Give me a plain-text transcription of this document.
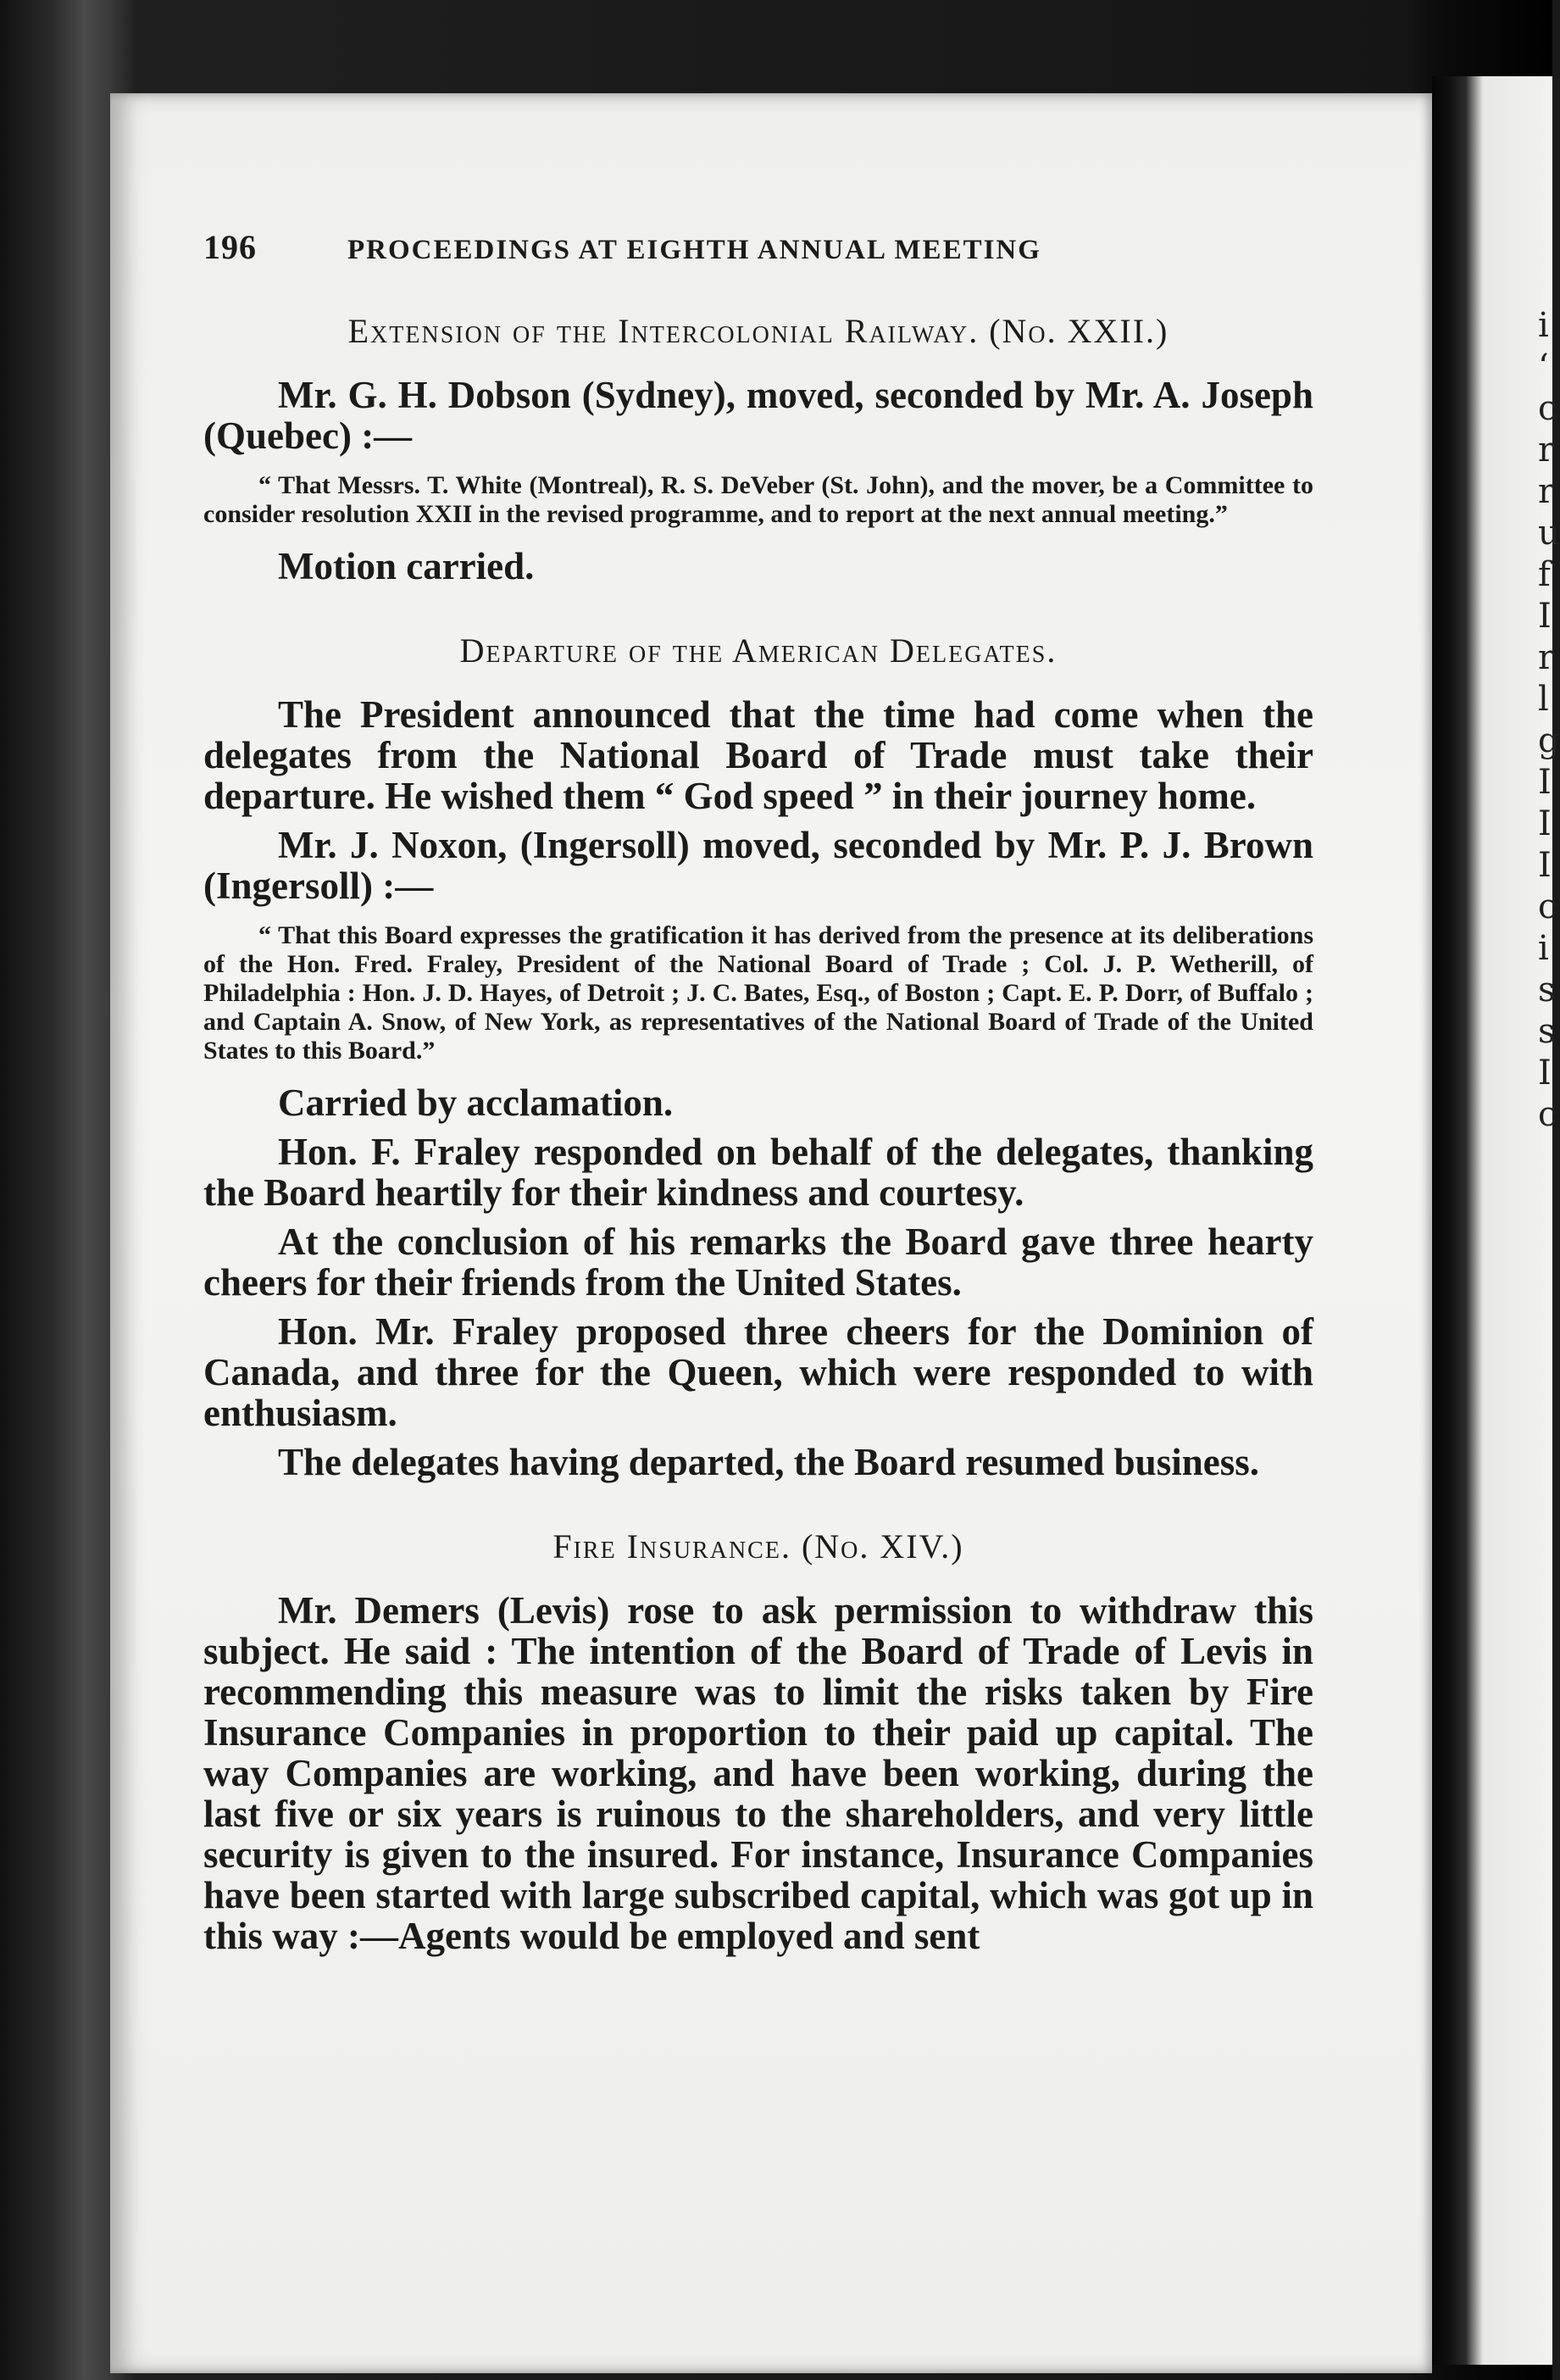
196	PROCEEDINGS AT EIGHTH ANNUAL MEETING
Extension of the Intercolonial Railway. (No. XXII.)

Mr. G. H. Dobson (Sydney), moved, seconded by Mr. A. Joseph (Quebec) :—

“ That Messrs. T. White (Montreal), R. S. DeVeber (St. John), and the mover, be a Committee to consider resolution XXII in the revised programme, and to report at the next annual meeting.”

Motion carried.

Departure of the American Delegates.

The President announced that the time had come when the delegates from the National Board of Trade must take their departure. He wished them “ God speed ” in their journey home.

Mr. J. Noxon, (Ingersoll) moved, seconded by Mr. P. J. Brown (Ingersoll) :—

“ That this Board expresses the gratification it has derived from the presence at its deliberations of the Hon. Fred. Fraley, President of the National Board of Trade ; Col. J. P. Wetherill, of Philadelphia : Hon. J. D. Hayes, of Detroit ; J. C. Bates, Esq., of Boston ; Capt. E. P. Dorr, of Buffalo ; and Captain A. Snow, of New York, as representatives of the National Board of Trade of the United States to this Board.”

Carried by acclamation.

Hon. F. Fraley responded on behalf of the delegates, thanking the Board heartily for their kindness and courtesy.

At the conclusion of his remarks the Board gave three hearty cheers for their friends from the United States.

Hon. Mr. Fraley proposed three cheers for the Dominion of Canada, and three for the Queen, which were responded to with enthusiasm.

The delegates having departed, the Board resumed business.

Fire Insurance. (No. XIV.)

Mr. Demers (Levis) rose to ask permission to withdraw this subject. He said : The intention of the Board of Trade of Levis in recommending this measure was to limit the risks taken by Fire Insurance Companies in proportion to their paid up capital. The way Companies are working, and have been working, during the last five or six years is ruinous to the shareholders, and very little security is given to the insured. For instance, Insurance Companies have been started with large subscribed capital, which was got up in this way :—Agents would be employed and sent

i
‘
c
r
r
u
f
I
r
l
g
I
I
I
c
i
s
s
I
c
